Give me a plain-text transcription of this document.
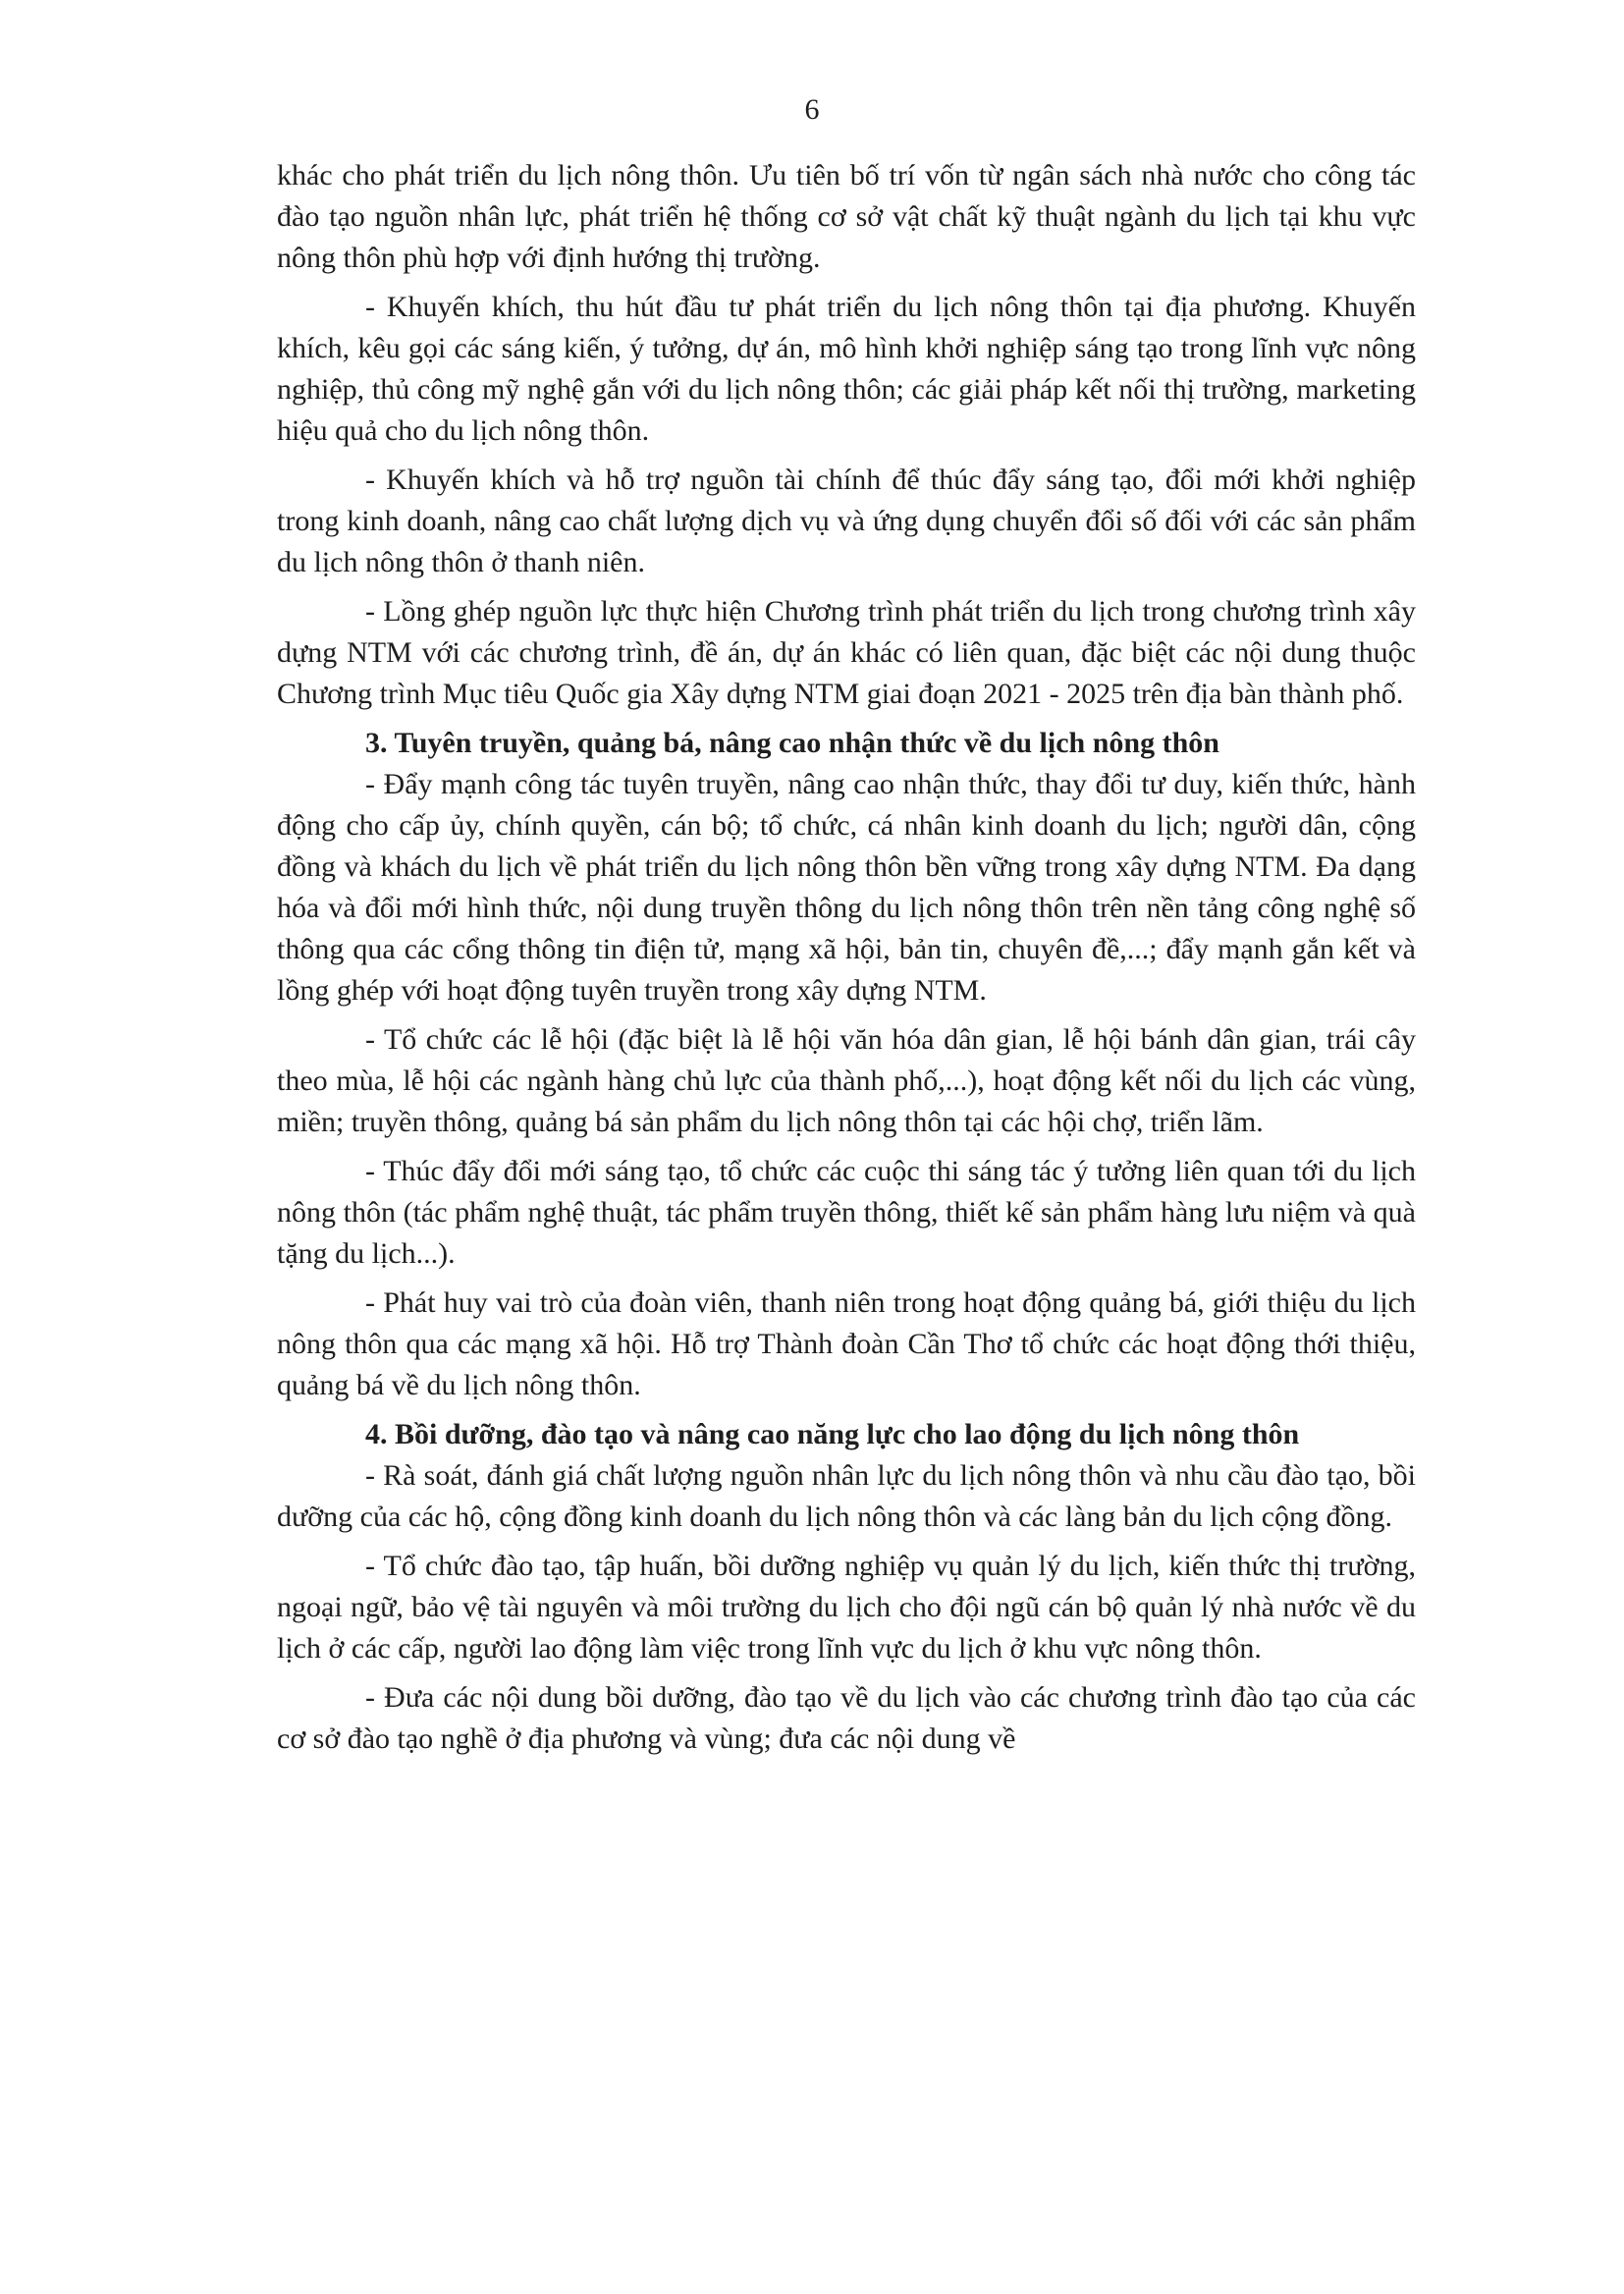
6

khác cho phát triển du lịch nông thôn. Ưu tiên bố trí vốn từ ngân sách nhà nước cho công tác đào tạo nguồn nhân lực, phát triển hệ thống cơ sở vật chất kỹ thuật ngành du lịch tại khu vực nông thôn phù hợp với định hướng thị trường.

- Khuyến khích, thu hút đầu tư phát triển du lịch nông thôn tại địa phương. Khuyến khích, kêu gọi các sáng kiến, ý tưởng, dự án, mô hình khởi nghiệp sáng tạo trong lĩnh vực nông nghiệp, thủ công mỹ nghệ gắn với du lịch nông thôn; các giải pháp kết nối thị trường, marketing hiệu quả cho du lịch nông thôn.

- Khuyến khích và hỗ trợ nguồn tài chính để thúc đẩy sáng tạo, đổi mới khởi nghiệp trong kinh doanh, nâng cao chất lượng dịch vụ và ứng dụng chuyển đổi số đối với các sản phẩm du lịch nông thôn ở thanh niên.

- Lồng ghép nguồn lực thực hiện Chương trình phát triển du lịch trong chương trình xây dựng NTM với các chương trình, đề án, dự án khác có liên quan, đặc biệt các nội dung thuộc Chương trình Mục tiêu Quốc gia Xây dựng NTM giai đoạn 2021 - 2025 trên địa bàn thành phố.

3. Tuyên truyền, quảng bá, nâng cao nhận thức về du lịch nông thôn

- Đẩy mạnh công tác tuyên truyền, nâng cao nhận thức, thay đổi tư duy, kiến thức, hành động cho cấp ủy, chính quyền, cán bộ; tổ chức, cá nhân kinh doanh du lịch; người dân, cộng đồng và khách du lịch về phát triển du lịch nông thôn bền vững trong xây dựng NTM. Đa dạng hóa và đổi mới hình thức, nội dung truyền thông du lịch nông thôn trên nền tảng công nghệ số thông qua các cổng thông tin điện tử, mạng xã hội, bản tin, chuyên đề,...; đẩy mạnh gắn kết và lồng ghép với hoạt động tuyên truyền trong xây dựng NTM.

- Tổ chức các lễ hội (đặc biệt là lễ hội văn hóa dân gian, lễ hội bánh dân gian, trái cây theo mùa, lễ hội các ngành hàng chủ lực của thành phố,...), hoạt động kết nối du lịch các vùng, miền; truyền thông, quảng bá sản phẩm du lịch nông thôn tại các hội chợ, triển lãm.

- Thúc đẩy đổi mới sáng tạo, tổ chức các cuộc thi sáng tác ý tưởng liên quan tới du lịch nông thôn (tác phẩm nghệ thuật, tác phẩm truyền thông, thiết kế sản phẩm hàng lưu niệm và quà tặng du lịch...).

- Phát huy vai trò của đoàn viên, thanh niên trong hoạt động quảng bá, giới thiệu du lịch nông thôn qua các mạng xã hội. Hỗ trợ Thành đoàn Cần Thơ tổ chức các hoạt động thới thiệu, quảng bá về du lịch nông thôn.

4. Bồi dưỡng, đào tạo và nâng cao năng lực cho lao động du lịch nông thôn

- Rà soát, đánh giá chất lượng nguồn nhân lực du lịch nông thôn và nhu cầu đào tạo, bồi dưỡng của các hộ, cộng đồng kinh doanh du lịch nông thôn và các làng bản du lịch cộng đồng.

- Tổ chức đào tạo, tập huấn, bồi dưỡng nghiệp vụ quản lý du lịch, kiến thức thị trường, ngoại ngữ, bảo vệ tài nguyên và môi trường du lịch cho đội ngũ cán bộ quản lý nhà nước về du lịch ở các cấp, người lao động làm việc trong lĩnh vực du lịch ở khu vực nông thôn.

- Đưa các nội dung bồi dưỡng, đào tạo về du lịch vào các chương trình đào tạo của các cơ sở đào tạo nghề ở địa phương và vùng; đưa các nội dung về
